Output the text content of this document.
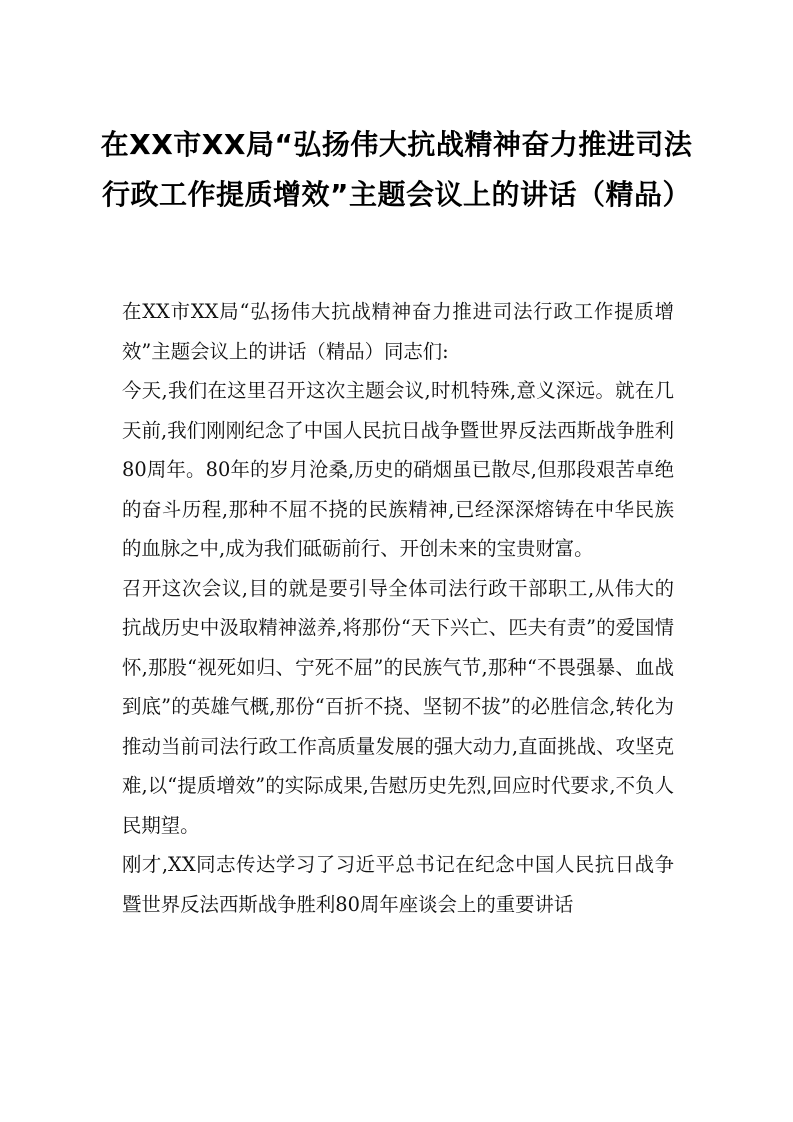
在XX市XX局“弘扬伟大抗战精神奋力推进司法行政工作提质增效”主题会议上的讲话（精品）

在XX市XX局“弘扬伟大抗战精神奋力推进司法行政工作提质增效”主题会议上的讲话（精品）同志们:

今天,我们在这里召开这次主题会议,时机特殊,意义深远。就在几天前,我们刚刚纪念了中国人民抗日战争暨世界反法西斯战争胜利80周年。80年的岁月沧桑,历史的硝烟虽已散尽,但那段艰苦卓绝的奋斗历程,那种不屈不挠的民族精神,已经深深熔铸在中华民族的血脉之中,成为我们砥砺前行、开创未来的宝贵财富。

召开这次会议,目的就是要引导全体司法行政干部职工,从伟大的抗战历史中汲取精神滋养,将那份“天下兴亡、匹夫有责”的爱国情怀,那股“视死如归、宁死不屈”的民族气节,那种“不畏强暴、血战到底”的英雄气概,那份“百折不挠、坚韧不拔”的必胜信念,转化为推动当前司法行政工作高质量发展的强大动力,直面挑战、攻坚克难,以“提质增效”的实际成果,告慰历史先烈,回应时代要求,不负人民期望。

刚才,XX同志传达学习了习近平总书记在纪念中国人民抗日战争暨世界反法西斯战争胜利80周年座谈会上的重要讲话
